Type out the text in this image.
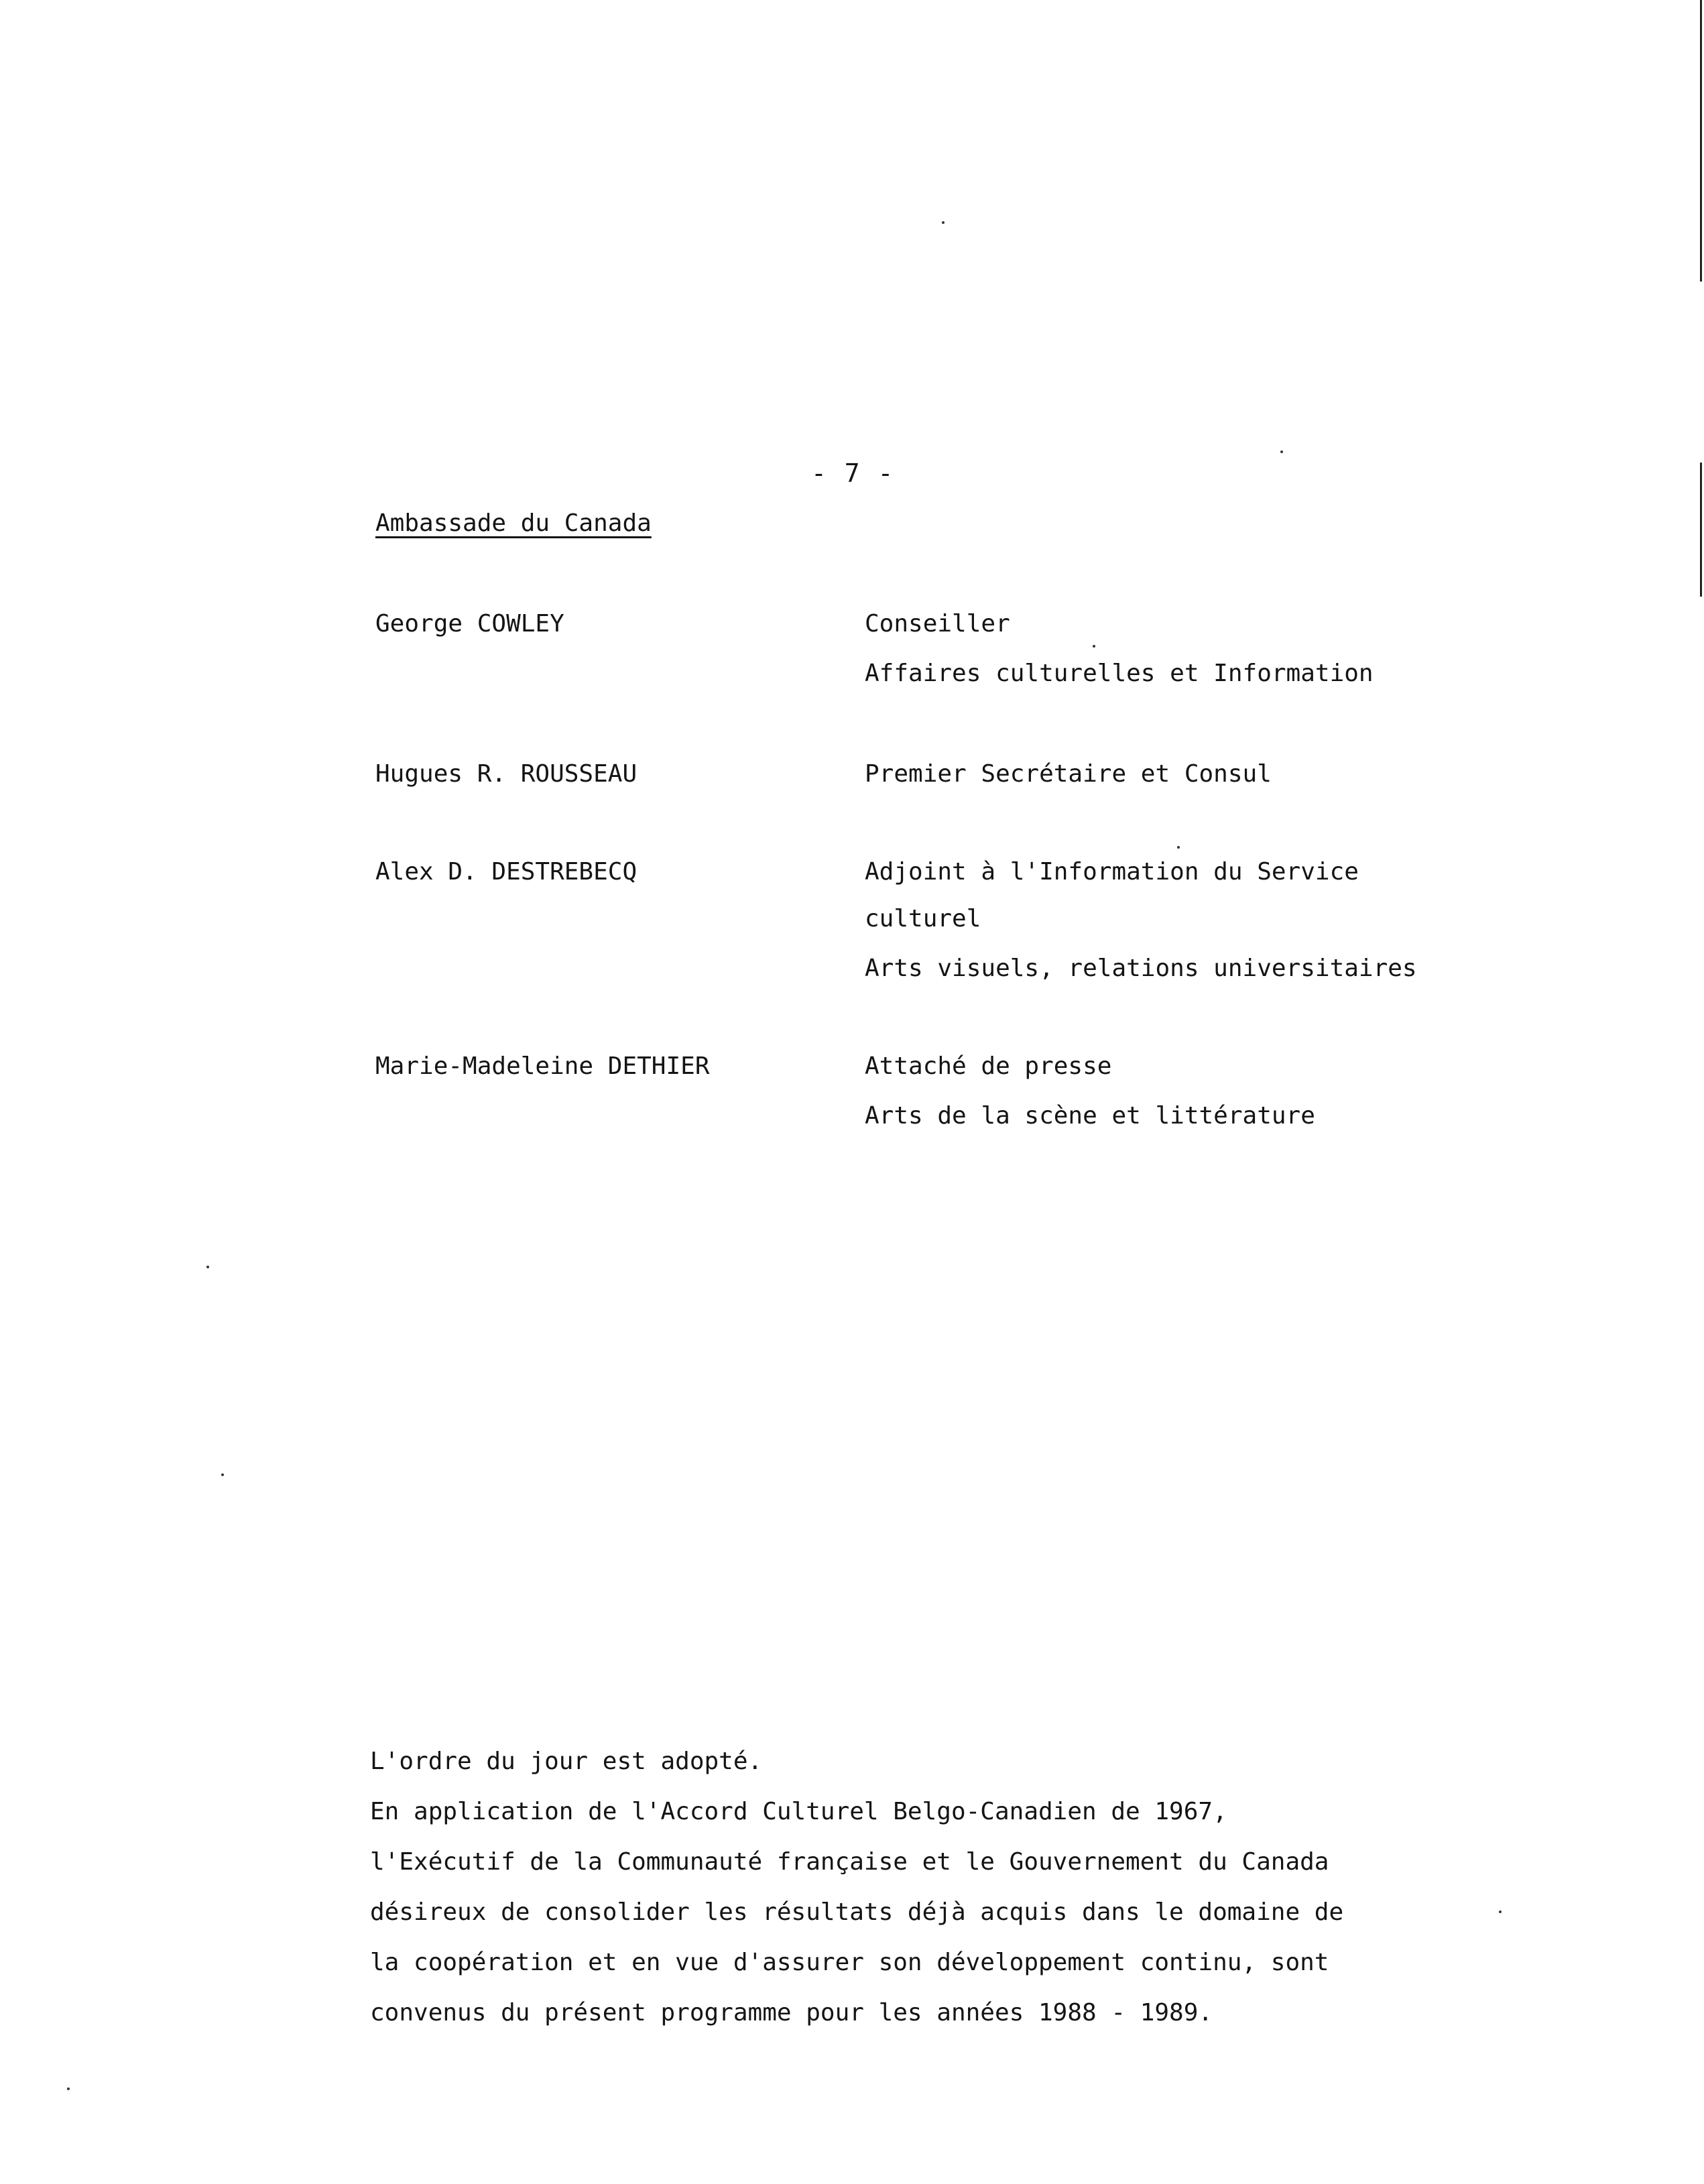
- 7 -
Ambassade du Canada
George COWLEY	Conseiller
Affaires culturelles et Information
Hugues R. ROUSSEAU	Premier Secrétaire et Consul
Alex D. DESTREBECQ	Adjoint à l'Information du Service
culturel
Arts visuels, relations universitaires
Marie-Madeleine DETHIER	Attaché de presse
Arts de la scène et littérature
L'ordre du jour est adopté.
En application de l'Accord Culturel Belgo-Canadien de 1967,
l'Exécutif de la Communauté française et le Gouvernement du Canada
désireux de consolider les résultats déjà acquis dans le domaine de
la coopération et en vue d'assurer son développement continu, sont
convenus du présent programme pour les années 1988 - 1989.
